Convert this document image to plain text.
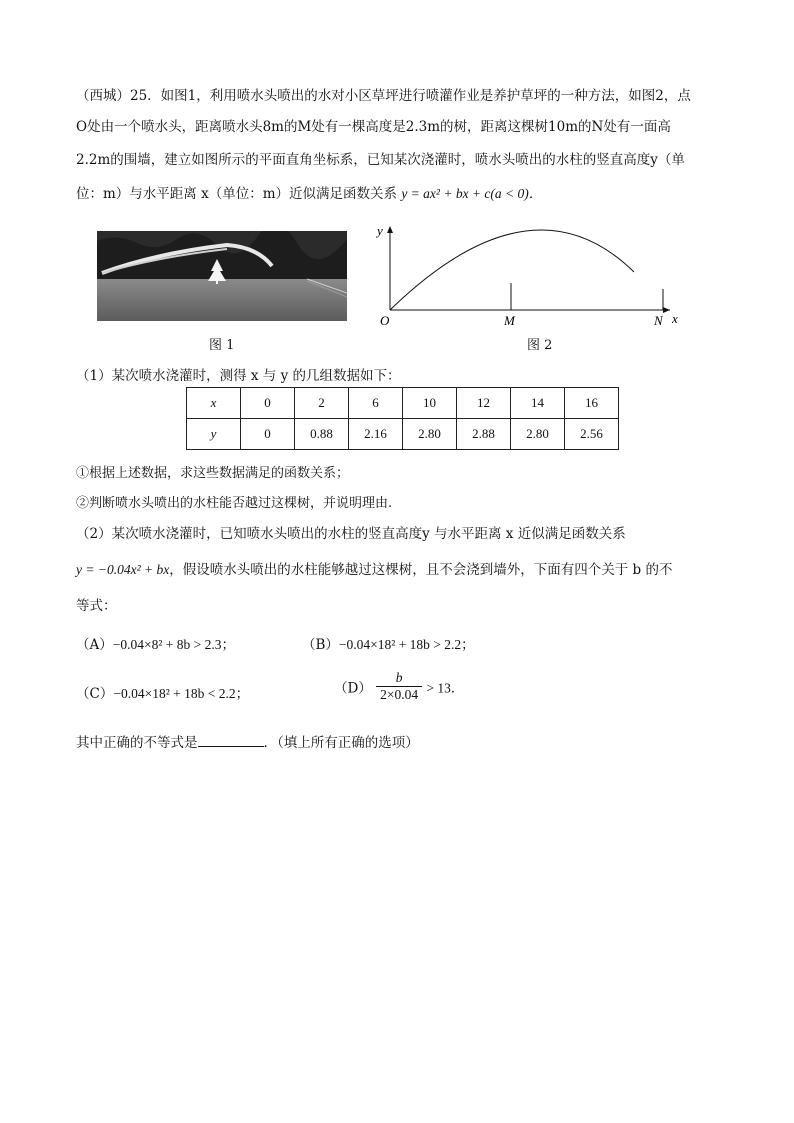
（西城）25．如图1，利用喷水头喷出的水对小区草坪进行喷灌作业是养护草坪的一种方法，如图2，点
O处由一个喷水头，距离喷水头8m的M处有一棵高度是2.3m的树，距离这棵树10m的N处有一面高
2.2m的围墙，建立如图所示的平面直角坐标系，已知某次浇灌时，喷水头喷出的水柱的竖直高度y（单
位：m）与水平距离 x（单位：m）近似满足函数关系 y = ax² + bx + c(a < 0)．
图 1
y
x
O	M	N
图 2
（1）某次喷水浇灌时，测得 x 与 y 的几组数据如下：
x	0	2	6	10	12	14	16
y	0	0.88	2.16	2.80	2.88	2.80	2.56
①根据上述数据，求这些数据满足的函数关系；
②判断喷水头喷出的水柱能否越过这棵树，并说明理由.
（2）某次喷水浇灌时，已知喷水头喷出的水柱的竖直高度y 与水平距离 x 近似满足函数关系
y = −0.04x² + bx，假设喷水头喷出的水柱能够越过这棵树，且不会浇到墙外，下面有四个关于 b 的不
等式：
（A）−0.04×8² + 8b > 2.3；	（B）−0.04×18² + 18b > 2.2；
（C）−0.04×18² + 18b < 2.2；	$(D) \frac{b}{2\times 0.04} > 13$．
其中正确的不等式是	．（填上所有正确的选项）
